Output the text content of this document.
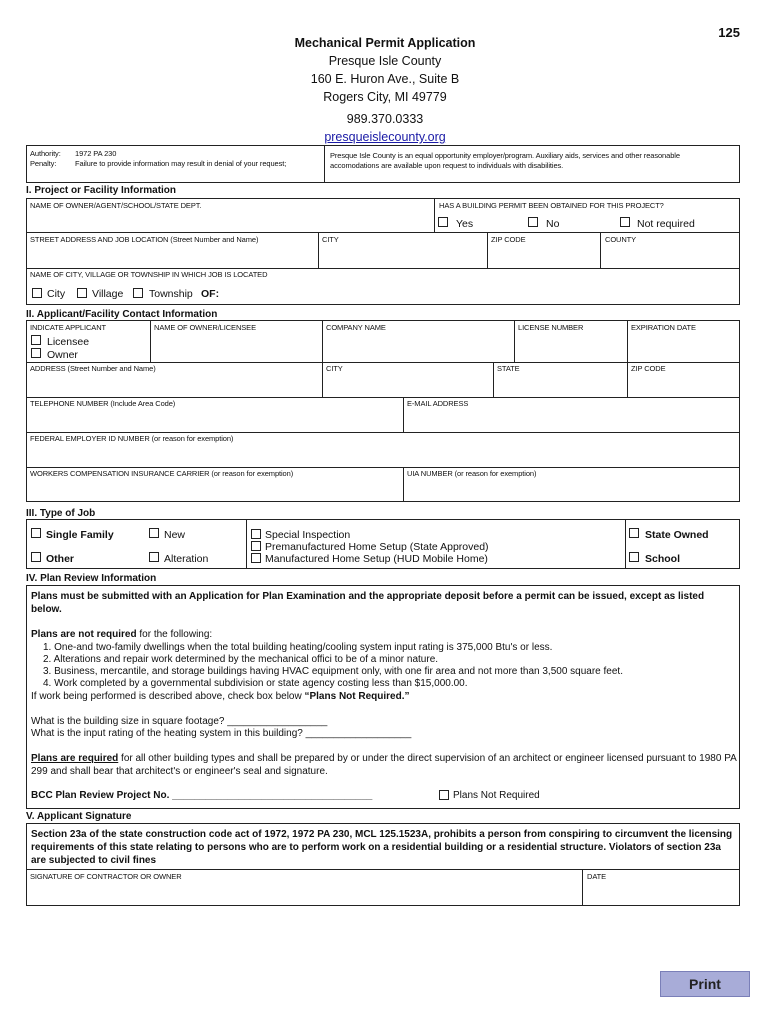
125
Mechanical Permit Application
Presque Isle County
160 E. Huron Ave., Suite B
Rogers City, MI 49779
989.370.0333
presqueislecounty.org
Authority: 1972 PA 230
Penalty: Failure to provide information may result in denial of your request;
Presque Isle County is an equal opportunity employer/program. Auxiliary aids, services and other reasonable
accomodations are available upon request to individuals with disabilities.
I. Project or Facility Information
NAME OF OWNER/AGENT/SCHOOL/STATE DEPT.	HAS A BUILDING PERMIT BEEN OBTAINED FOR THIS PROJECT?
Yes	No	Not required
STREET ADDRESS AND JOB LOCATION (Street Number and Name)	CITY	ZIP CODE	COUNTY
NAME OF CITY, VILLAGE OR TOWNSHIP IN WHICH JOB IS LOCATED
City	Village Township OF:
II. Applicant/Facility Contact Information
INDICATE APPLICANT
Licensee
Owner
NAME OF OWNER/LICENSEE	COMPANY NAME	LICENSE NUMBER	EXPIRATION DATE
ADDRESS (Street Number and Name)	CITY	STATE	ZIP CODE
TELEPHONE NUMBER (Include Area Code)	E-MAIL ADDRESS
FEDERAL EMPLOYER ID NUMBER (or reason for exemption)
WORKERS COMPENSATION INSURANCE CARRIER (or reason for exemption)	UIA NUMBER (or reason for exemption)
III. Type of Job
Single Family
Other
New
Alteration
Special Inspection
Premanufactured Home Setup (State Approved)
Manufactured Home Setup (HUD Mobile Home)
State Owned
School
IV. Plan Review Information
Plans must be submitted with an Application for Plan Examination and the appropriate deposit before a permit can be issued, except as listed
below.
Plans are not required for the following:
1. One-and two-family dwellings when the total building heating/cooling system input rating is 375,000 Btu's or less.
2. Alterations and repair work determined by the mechanical offici to be of a minor nature.
3. Business, mercantile, and storage buildings having HVAC equipment only, with one fir area and not more than 3,500 square feet.
4. Work completed by a governmental subdivision or state agency costing less than $15,000.00.
If work being performed is described above, check box below “Plans Not Required.”
What is the building size in square footage? __________________
What is the input rating of the heating system in this building? ___________________
Plans are required for all other building types and shall be prepared by or under the direct supervision of an architect or engineer licensed pursuant to 1980 PA
299 and shall bear that architect's or engineer's seal and signature.
BCC Plan Review Project No. ____________________________________	Plans Not Required
V. Applicant Signature
Section 23a of the state construction code act of 1972, 1972 PA 230, MCL 125.1523A, prohibits a person from conspiring to circumvent the licensing
requirements of this state relating to persons who are to perform work on a residential building or a residential structure. Violators of section 23a
are subjected to civil fines
SIGNATURE OF CONTRACTOR OR OWNER	DATE
Print
